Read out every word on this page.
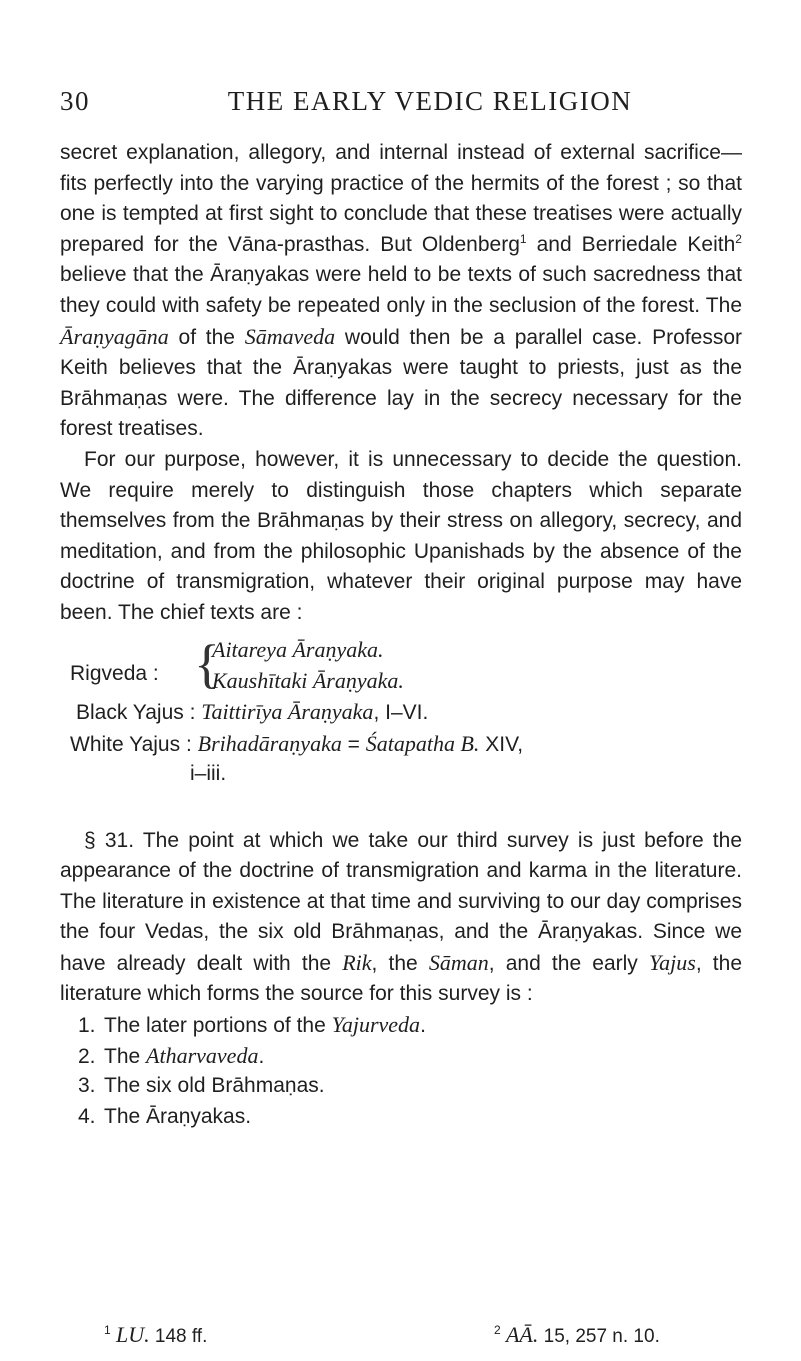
30	THE EARLY VEDIC RELIGION

secret explanation, allegory, and internal instead of external sacrifice—fits perfectly into the varying practice of the hermits of the forest ; so that one is tempted at first sight to conclude that these treatises were actually prepared for the Vāna-prasthas. But Oldenberg$^1$ and Berriedale Keith$^2$ believe that the Āraṇyakas were held to be texts of such sacredness that they could with safety be repeated only in the seclusion of the forest. The Āraṇyagāna of the Sāmaveda would then be a parallel case. Professor Keith believes that the Āraṇyakas were taught to priests, just as the Brāhmaṇas were. The difference lay in the secrecy necessary for the forest treatises.

For our purpose, however, it is unnecessary to decide the question. We require merely to distinguish those chapters which separate themselves from the Brāhmaṇas by their stress on allegory, secrecy, and meditation, and from the philosophic Upanishads by the absence of the doctrine of transmigration, whatever their original purpose may have been. The chief texts are :

Rigveda : {
Aitareya Āraṇyaka.
Kaushītaki Āraṇyaka.
Black Yajus : Taittirīya Āraṇyaka, I–VI.
White Yajus : Brihadāraṇyaka = Śatapatha B. XIV,
i–iii.

§ 31. The point at which we take our third survey is just before the appearance of the doctrine of transmigration and karma in the literature. The literature in existence at that time and surviving to our day comprises the four Vedas, the six old Brāhmaṇas, and the Āraṇyakas. Since we have already dealt with the Rik, the Sāman, and the early Yajus, the literature which forms the source for this survey is :

1. The later portions of the Yajurveda.
2. The Atharvaveda.
3. The six old Brāhmaṇas.
4. The Āraṇyakas.
$^1$ LU. 148 ff.	$^2$ AĀ. 15, 257 n. 10.
